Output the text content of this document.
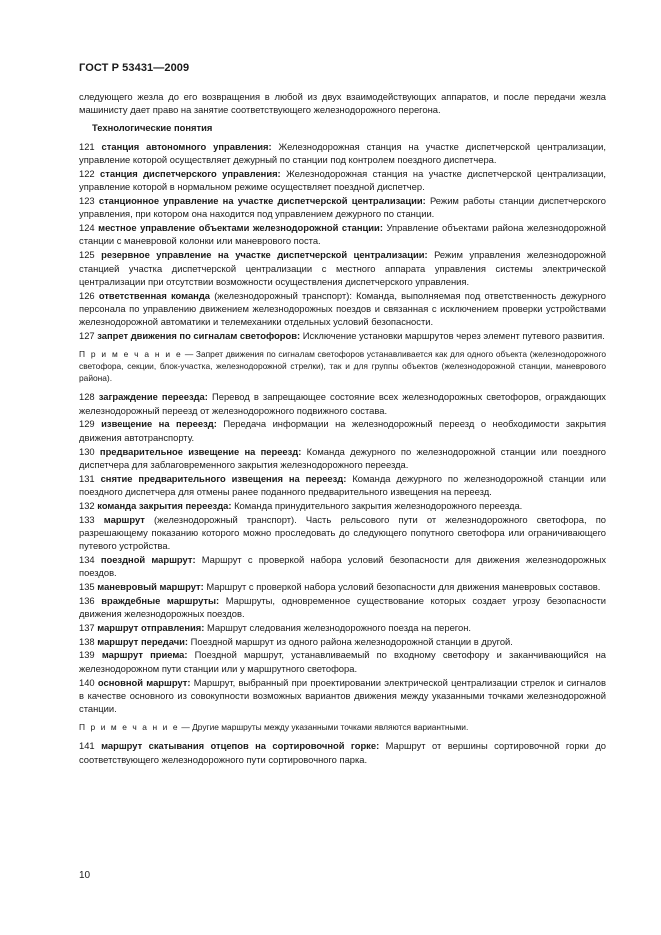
ГОСТ Р 53431—2009

следующего жезла до его возвращения в любой из двух взаимодействующих аппаратов, и после передачи жезла машинисту дает право на занятие соответствующего железнодорожного перегона.

Технологические понятия

121 станция автономного управления: Железнодорожная станция на участке диспетчерской централизации, управление которой осуществляет дежурный по станции под контролем поездного диспетчера.

122 станция диспетчерского управления: Железнодорожная станция на участке диспетчерской централизации, управление которой в нормальном режиме осуществляет поездной диспетчер.

123 станционное управление на участке диспетчерской централизации: Режим работы станции диспетчерского управления, при котором она находится под управлением дежурного по станции.

124 местное управление объектами железнодорожной станции: Управление объектами района железнодорожной станции с маневровой колонки или маневрового поста.

125 резервное управление на участке диспетчерской централизации: Режим управления железнодорожной станцией участка диспетчерской централизации с местного аппарата управления системы электрической централизации при отсутствии возможности осуществления диспетчерского управления.

126 ответственная команда (железнодорожный транспорт): Команда, выполняемая под ответственность дежурного персонала по управлению движением железнодорожных поездов и связанная с исключением проверки устройствами железнодорожной автоматики и телемеханики отдельных условий безопасности.

127 запрет движения по сигналам светофоров: Исключение установки маршрутов через элемент путевого развития.

П р и м е ч а н и е — Запрет движения по сигналам светофоров устанавливается как для одного объекта (железнодорожного светофора, секции, блок-участка, железнодорожной стрелки), так и для группы объектов (железнодорожной станции, маневрового района).

128 заграждение переезда: Перевод в запрещающее состояние всех железнодорожных светофоров, ограждающих железнодорожный переезд от железнодорожного подвижного состава.

129 извещение на переезд: Передача информации на железнодорожный переезд о необходимости закрытия движения автотранспорту.

130 предварительное извещение на переезд: Команда дежурного по железнодорожной станции или поездного диспетчера для заблаговременного закрытия железнодорожного переезда.

131 снятие предварительного извещения на переезд: Команда дежурного по железнодорожной станции или поездного диспетчера для отмены ранее поданного предварительного извещения на переезд.

132 команда закрытия переезда: Команда принудительного закрытия железнодорожного переезда.

133 маршрут (железнодорожный транспорт). Часть рельсового пути от железнодорожного светофора, по разрешающему показанию которого можно проследовать до следующего попутного светофора или ограничивающего путевого устройства.

134 поездной маршрут: Маршрут с проверкой набора условий безопасности для движения железнодорожных поездов.

135 маневровый маршрут: Маршрут с проверкой набора условий безопасности для движения маневровых составов.

136 враждебные маршруты: Маршруты, одновременное существование которых создает угрозу безопасности движения железнодорожных поездов.

137 маршрут отправления: Маршрут следования железнодорожного поезда на перегон.

138 маршрут передачи: Поездной маршрут из одного района железнодорожной станции в другой.

139 маршрут приема: Поездной маршрут, устанавливаемый по входному светофору и заканчивающийся на железнодорожном пути станции или у маршрутного светофора.

140 основной маршрут: Маршрут, выбранный при проектировании электрической централизации стрелок и сигналов в качестве основного из совокупности возможных вариантов движения между указанными точками железнодорожной станции.

П р и м е ч а н и е — Другие маршруты между указанными точками являются вариантными.

141 маршрут скатывания отцепов на сортировочной горке: Маршрут от вершины сортировочной горки до соответствующего железнодорожного пути сортировочного парка.

10
